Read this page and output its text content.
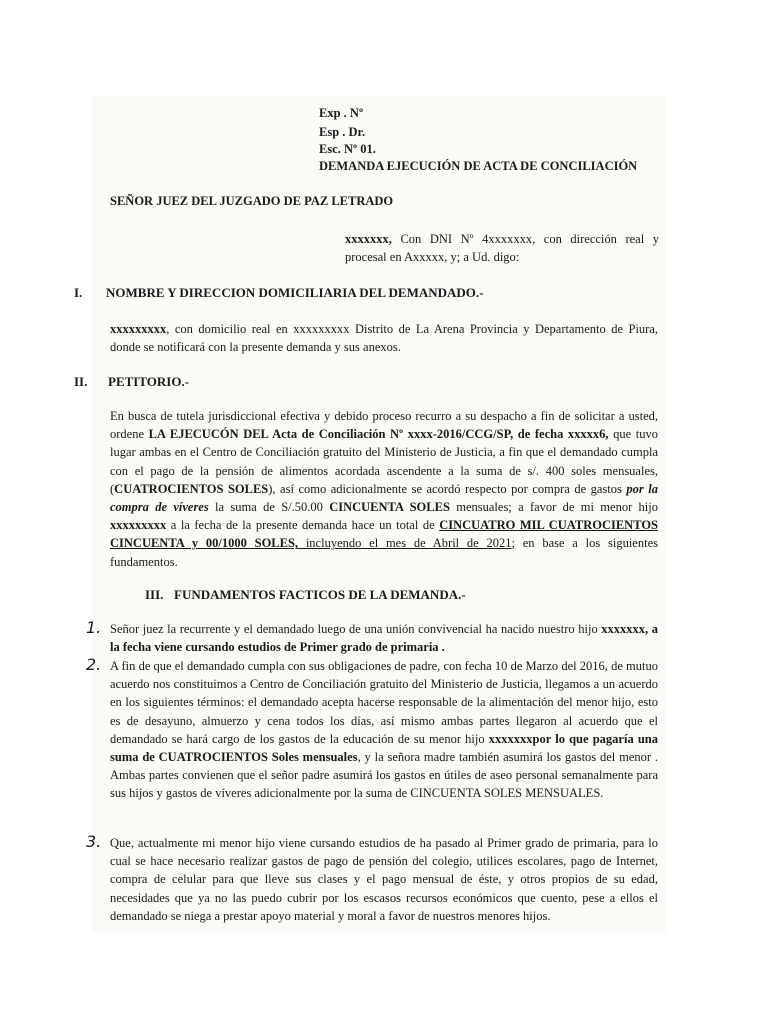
Exp . Nº
Esp . Dr.
Esc. Nº 01.
DEMANDA EJECUCIÓN DE ACTA DE CONCILIACIÓN
SEÑOR JUEZ DEL JUZGADO DE PAZ LETRADO
xxxxxxx, Con DNI Nº 4xxxxxxx, con dirección real y procesal en Axxxxx, y; a Ud. digo:
I. NOMBRE Y DIRECCION DOMICILIARIA DEL DEMANDADO.-
xxxxxxxxx, con domicilio real en xxxxxxxxx Distrito de La Arena Provincia y Departamento de Piura, donde se notificará con la presente demanda y sus anexos.
II. PETITORIO.-
En busca de tutela jurisdiccional efectiva y debido proceso recurro a su despacho a fin de solicitar a usted, ordene LA EJECUCÓN DEL Acta de Conciliación Nº xxxx-2016/CCG/SP, de fecha xxxxx6, que tuvo lugar ambas en el Centro de Conciliación gratuito del Ministerio de Justicia, a fin que el demandado cumpla con el pago de la pensión de alimentos acordada ascendente a la suma de s/. 400 soles mensuales, (CUATROCIENTOS SOLES), así como adicionalmente se acordó respecto por compra de gastos por la compra de víveres la suma de S/.50.00 CINCUENTA SOLES mensuales; a favor de mi menor hijo xxxxxxxxx a la fecha de la presente demanda hace un total de CINCUATRO MIL CUATROCIENTOS CINCUENTA y 00/1000 SOLES, incluyendo el mes de Abril de 2021; en base a los siguientes fundamentos.
III. FUNDAMENTOS FACTICOS DE LA DEMANDA.-
1. Señor juez la recurrente y el demandado luego de una unión convivencial ha nacido nuestro hijo xxxxxxx, a la fecha viene cursando estudios de Primer grado de primaria .
2. A fin de que el demandado cumpla con sus obligaciones de padre, con fecha 10 de Marzo del 2016, de mutuo acuerdo nos constituimos a Centro de Conciliación gratuito del Ministerio de Justicia, llegamos a un acuerdo en los siguientes términos: el demandado acepta hacerse responsable de la alimentación del menor hijo, esto es de desayuno, almuerzo y cena todos los días, así mismo ambas partes llegaron al acuerdo que el demandado se hará cargo de los gastos de la educación de su menor hijo xxxxxxxpor lo que pagaría una suma de CUATROCIENTOS Soles mensuales, y la señora madre también asumirá los gastos del menor . Ambas partes convienen que el señor padre asumirá los gastos en útiles de aseo personal semanalmente para sus hijos y gastos de víveres adicionalmente por la suma de CINCUENTA SOLES MENSUALES.
3. Que, actualmente mi menor hijo viene cursando estudios de ha pasado al Primer grado de primaria, para lo cual se hace necesario realizar gastos de pago de pensión del colegio, utilices escolares, pago de Internet, compra de celular para que lleve sus clases y el pago mensual de éste, y otros propios de su edad, necesidades que ya no las puedo cubrir por los escasos recursos económicos que cuento, pese a ellos el demandado se niega a prestar apoyo material y moral a favor de nuestros menores hijos.
